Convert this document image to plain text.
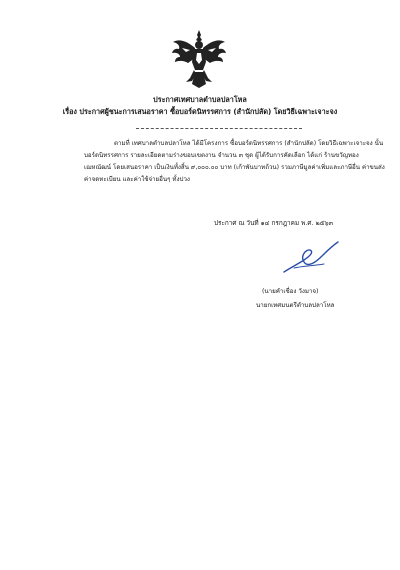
ประกาศเทศบาลตำบลปลาโหล
เรื่อง ประกาศผู้ชนะการเสนอราคา ซื้อบอร์ดนิทรรศการ (สำนักปลัด) โดยวิธีเฉพาะเจาะจง
ตามที่ เทศบาลตำบลปลาโหล ได้มีโครงการ ซื้อบอร์ดนิทรรศการ (สำนักปลัด) โดยวิธีเฉพาะเจาะจง นั้น
บอร์ดนิทรรศการ รายละเอียดตามร่างขอบเขตงาน จำนวน ๓ ชุด ผู้ได้รับการคัดเลือก ได้แก่ ร้านขวัญทอง
เฌหณัฒน์ โดยเสนอราคา เป็นเงินทั้งสิ้น ๙,๐๐๐.๐๐ บาท (เก้าพันบาทถ้วน) รวมภาษีมูลค่าเพิ่มและภาษีอื่น ค่าขนส่ง
ค่าจดทะเบียน และค่าใช้จ่ายอื่นๆ ทั้งปวง
ประกาศ ณ วันที่ ๑๔ กรกฎาคม พ.ศ. ๒๕๖๓
(นายคำเชื่อง วังมาจ)
นายกเทศมนตรีตำบลปลาโหล
